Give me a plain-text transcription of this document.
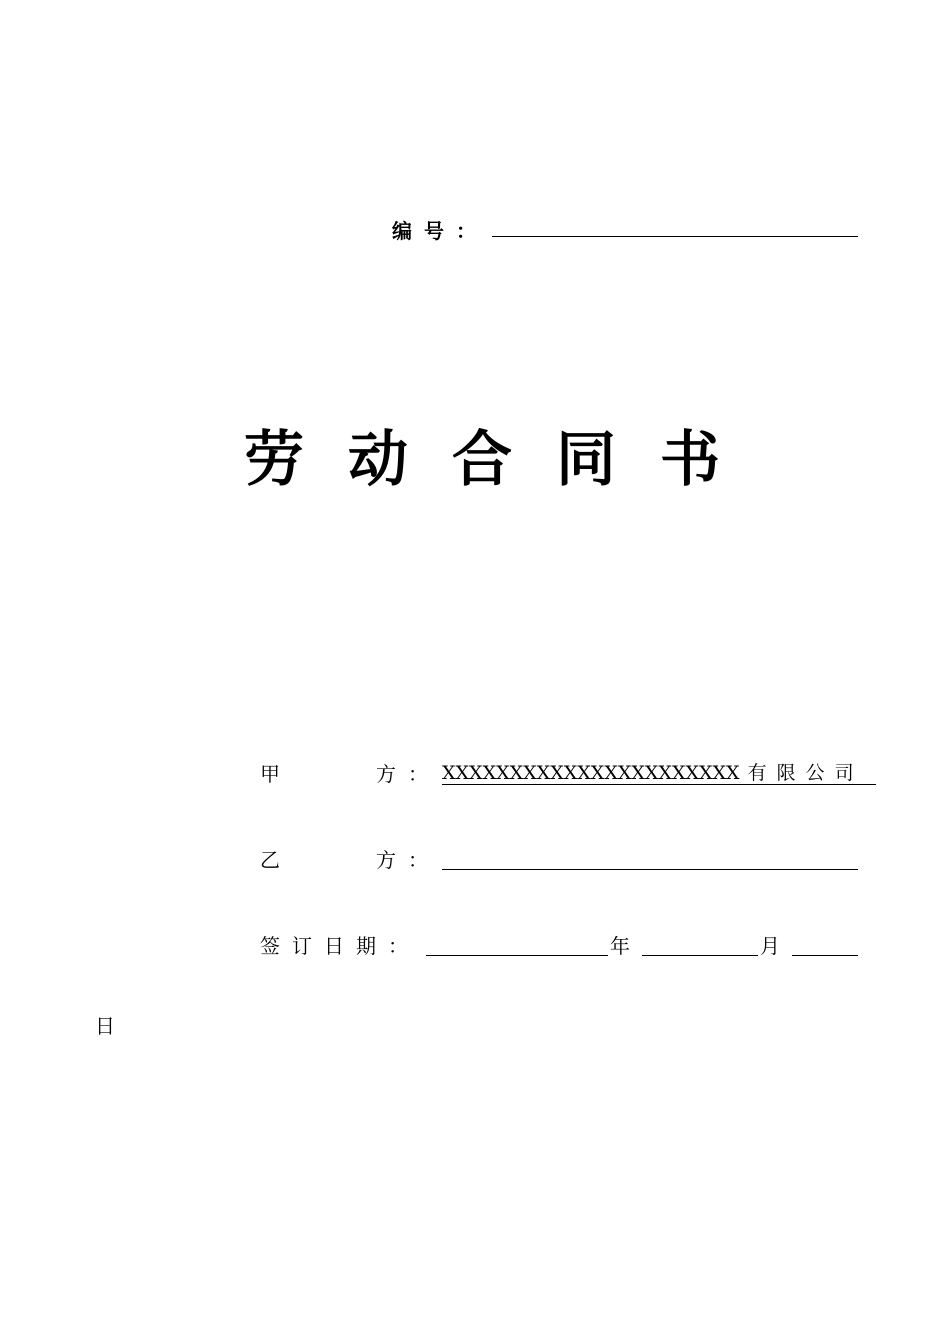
编号：
劳动合同书
甲	方： XXXXXXXXXXXXXXXXXXXXXX 有限公司
乙	方：
签订日期：	年	月
日
